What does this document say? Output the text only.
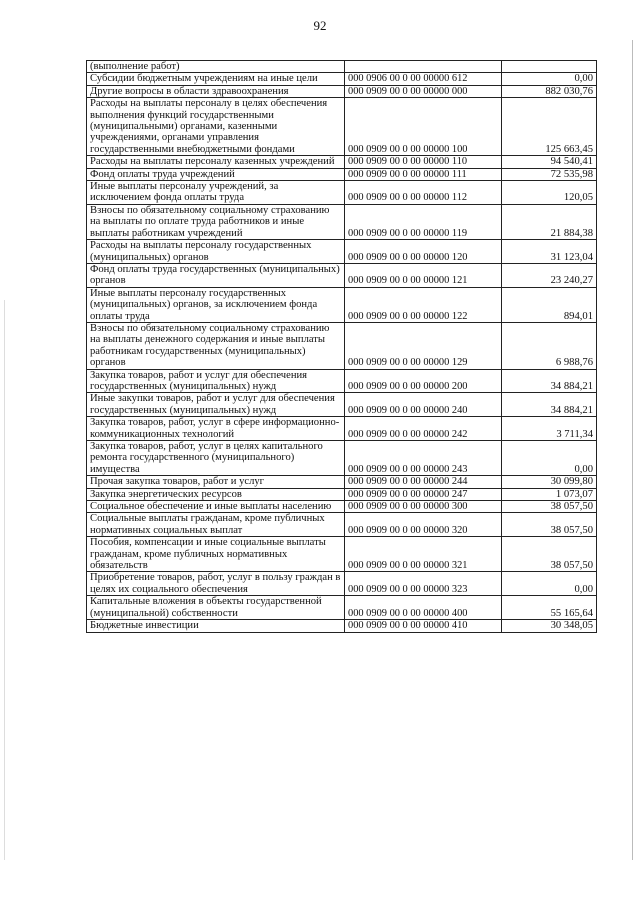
92
(выполнение работ)		
Субсидии бюджетным учреждениям на иные цели	000 0906 00 0 00 00000 612	0,00
Другие вопросы в области здравоохранения	000 0909 00 0 00 00000 000	882 030,76
Расходы на выплаты персоналу в целях обеспечения выполнения функций государственными (муниципальными) органами, казенными учреждениями, органами управления государственными внебюджетными фондами	000 0909 00 0 00 00000 100	125 663,45
Расходы на выплаты персоналу казенных учреждений	000 0909 00 0 00 00000 110	94 540,41
Фонд оплаты труда учреждений	000 0909 00 0 00 00000 111	72 535,98
Иные выплаты персоналу учреждений, за исключением фонда оплаты труда	000 0909 00 0 00 00000 112	120,05
Взносы по обязательному социальному страхованию на выплаты по оплате труда работников и иные выплаты работникам учреждений	000 0909 00 0 00 00000 119	21 884,38
Расходы на выплаты персоналу государственных (муниципальных) органов	000 0909 00 0 00 00000 120	31 123,04
Фонд оплаты труда государственных (муниципальных) органов	000 0909 00 0 00 00000 121	23 240,27
Иные выплаты персоналу государственных (муниципальных) органов, за исключением фонда оплаты труда	000 0909 00 0 00 00000 122	894,01
Взносы по обязательному социальному страхованию на выплаты денежного содержания и иные выплаты работникам государственных (муниципальных) органов	000 0909 00 0 00 00000 129	6 988,76
Закупка товаров, работ и услуг для обеспечения государственных (муниципальных) нужд	000 0909 00 0 00 00000 200	34 884,21
Иные закупки товаров, работ и услуг для обеспечения государственных (муниципальных) нужд	000 0909 00 0 00 00000 240	34 884,21
Закупка товаров, работ, услуг в сфере информационно-коммуникационных технологий	000 0909 00 0 00 00000 242	3 711,34
Закупка товаров, работ, услуг в целях капитального ремонта государственного (муниципального) имущества	000 0909 00 0 00 00000 243	0,00
Прочая закупка товаров, работ и услуг	000 0909 00 0 00 00000 244	30 099,80
Закупка энергетических ресурсов	000 0909 00 0 00 00000 247	1 073,07
Социальное обеспечение и иные выплаты населению	000 0909 00 0 00 00000 300	38 057,50
Социальные выплаты гражданам, кроме публичных нормативных социальных выплат	000 0909 00 0 00 00000 320	38 057,50
Пособия, компенсации и иные социальные выплаты гражданам, кроме публичных нормативных обязательств	000 0909 00 0 00 00000 321	38 057,50
Приобретение товаров, работ, услуг в пользу граждан в целях их социального обеспечения	000 0909 00 0 00 00000 323	0,00
Капитальные вложения в объекты государственной (муниципальной) собственности	000 0909 00 0 00 00000 400	55 165,64
Бюджетные инвестиции	000 0909 00 0 00 00000 410	30 348,05
